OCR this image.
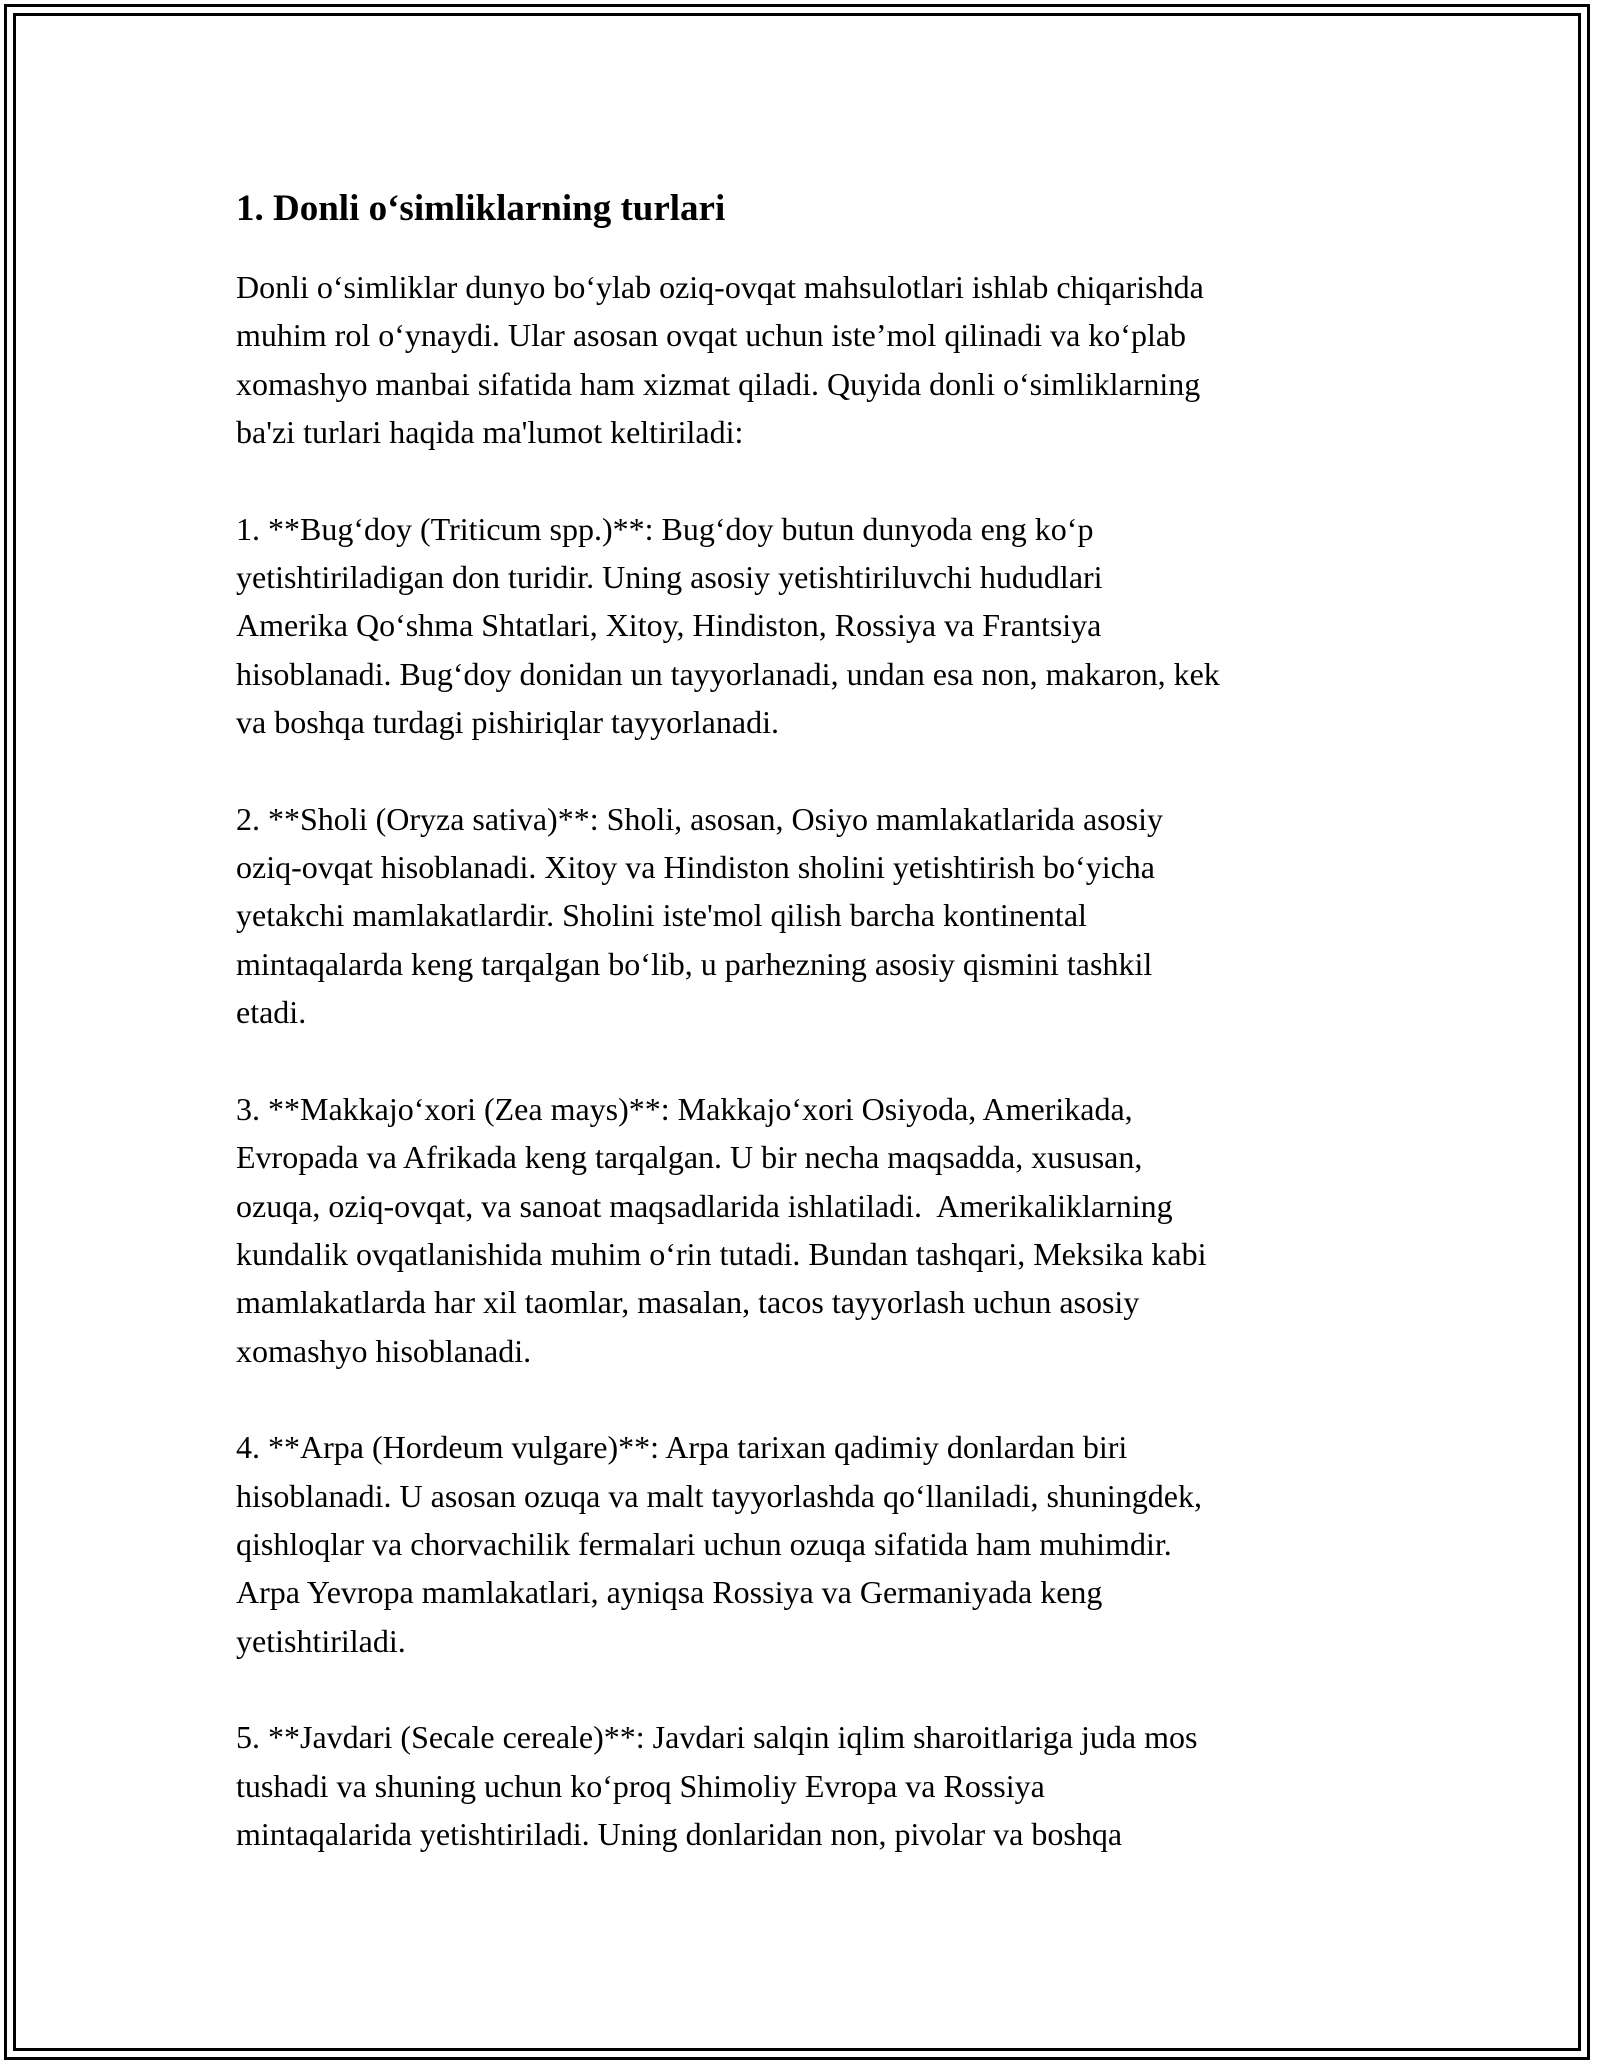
1. Donli o‘simliklarning turlari

Donli o‘simliklar dunyo bo‘ylab oziq-ovqat mahsulotlari ishlab chiqarishda
muhim rol o‘ynaydi. Ular asosan ovqat uchun iste’mol qilinadi va ko‘plab
xomashyo manbai sifatida ham xizmat qiladi. Quyida donli o‘simliklarning
ba'zi turlari haqida ma'lumot keltiriladi:

1. **Bug‘doy (Triticum spp.)**: Bug‘doy butun dunyoda eng ko‘p
yetishtiriladigan don turidir. Uning asosiy yetishtiriluvchi hududlari
Amerika Qo‘shma Shtatlari, Xitoy, Hindiston, Rossiya va Frantsiya
hisoblanadi. Bug‘doy donidan un tayyorlanadi, undan esa non, makaron, kek
va boshqa turdagi pishiriqlar tayyorlanadi.

2. **Sholi (Oryza sativa)**: Sholi, asosan, Osiyo mamlakatlarida asosiy
oziq-ovqat hisoblanadi. Xitoy va Hindiston sholini yetishtirish bo‘yicha
yetakchi mamlakatlardir. Sholini iste'mol qilish barcha kontinental
mintaqalarda keng tarqalgan bo‘lib, u parhezning asosiy qismini tashkil
etadi.

3. **Makkajo‘xori (Zea mays)**: Makkajo‘xori Osiyoda, Amerikada,
Evropada va Afrikada keng tarqalgan. U bir necha maqsadda, xususan,
ozuqa, oziq-ovqat, va sanoat maqsadlarida ishlatiladi.  Amerikaliklarning
kundalik ovqatlanishida muhim o‘rin tutadi. Bundan tashqari, Meksika kabi
mamlakatlarda har xil taomlar, masalan, tacos tayyorlash uchun asosiy
xomashyo hisoblanadi.

4. **Arpa (Hordeum vulgare)**: Arpa tarixan qadimiy donlardan biri
hisoblanadi. U asosan ozuqa va malt tayyorlashda qo‘llaniladi, shuningdek,
qishloqlar va chorvachilik fermalari uchun ozuqa sifatida ham muhimdir.
Arpa Yevropa mamlakatlari, ayniqsa Rossiya va Germaniyada keng
yetishtiriladi.

5. **Javdari (Secale cereale)**: Javdari salqin iqlim sharoitlariga juda mos
tushadi va shuning uchun ko‘proq Shimoliy Evropa va Rossiya
mintaqalarida yetishtiriladi. Uning donlaridan non, pivolar va boshqa
